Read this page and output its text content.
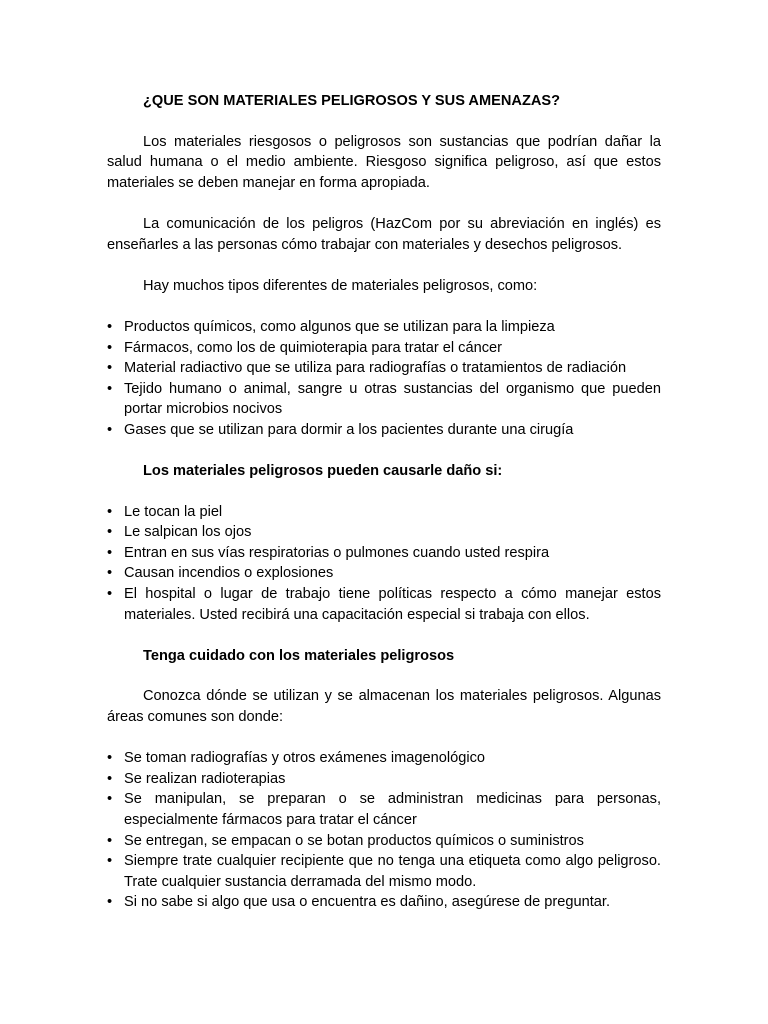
¿QUE SON MATERIALES PELIGROSOS Y SUS AMENAZAS?

Los materiales riesgosos o peligrosos son sustancias que podrían dañar la salud humana o el medio ambiente. Riesgoso significa peligroso, así que estos materiales se deben manejar en forma apropiada.

La comunicación de los peligros (HazCom por su abreviación en inglés) es enseñarles a las personas cómo trabajar con materiales y desechos peligrosos.

Hay muchos tipos diferentes de materiales peligrosos, como:

• Productos químicos, como algunos que se utilizan para la limpieza
• Fármacos, como los de quimioterapia para tratar el cáncer
• Material radiactivo que se utiliza para radiografías o tratamientos de radiación
• Tejido humano o animal, sangre u otras sustancias del organismo que pueden portar microbios nocivos
• Gases que se utilizan para dormir a los pacientes durante una cirugía
Los materiales peligrosos pueden causarle daño si:
• Le tocan la piel
• Le salpican los ojos
• Entran en sus vías respiratorias o pulmones cuando usted respira
• Causan incendios o explosiones
• El hospital o lugar de trabajo tiene políticas respecto a cómo manejar estos materiales. Usted recibirá una capacitación especial si trabaja con ellos.
Tenga cuidado con los materiales peligrosos

Conozca dónde se utilizan y se almacenan los materiales peligrosos. Algunas áreas comunes son donde:

• Se toman radiografías y otros exámenes imagenológico
• Se realizan radioterapias
• Se manipulan, se preparan o se administran medicinas para personas, especialmente fármacos para tratar el cáncer
• Se entregan, se empacan o se botan productos químicos o suministros
• Siempre trate cualquier recipiente que no tenga una etiqueta como algo peligroso. Trate cualquier sustancia derramada del mismo modo.
• Si no sabe si algo que usa o encuentra es dañino, asegúrese de preguntar.
